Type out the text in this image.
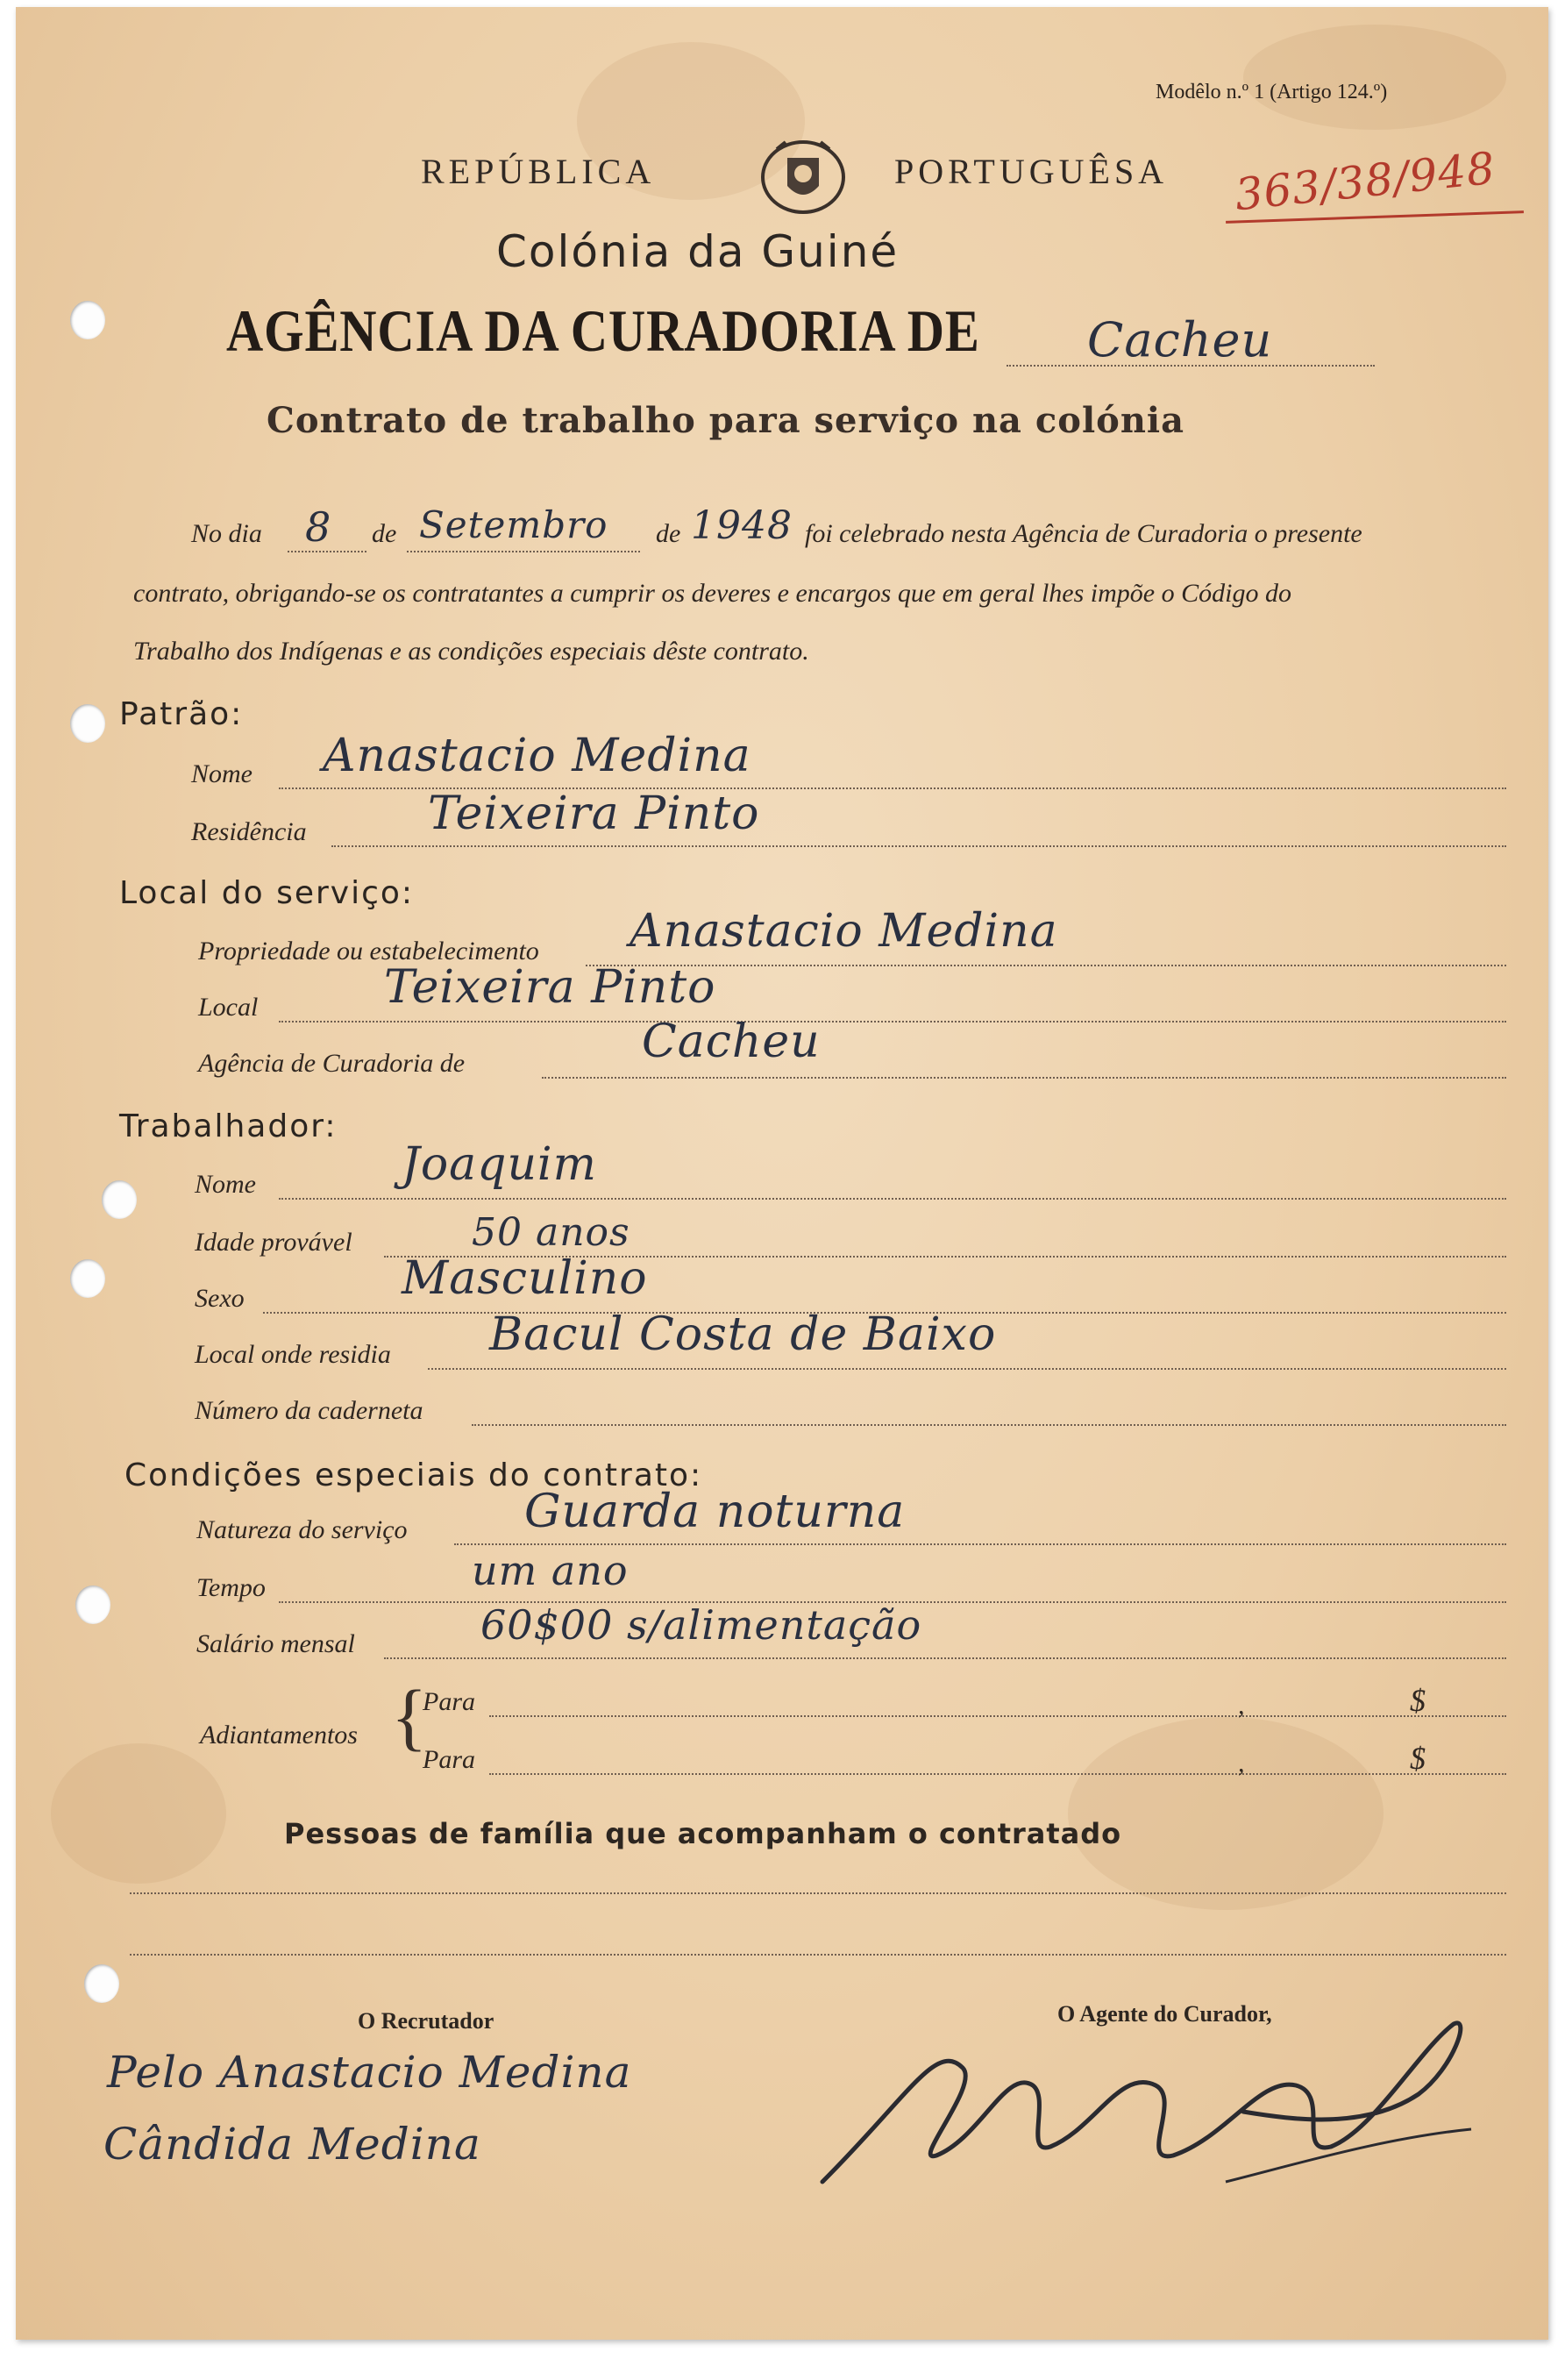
Modêlo n.º 1 (Artigo 124.º)
REPÚBLICA	PORTUGUÊSA 363/38/948
Colónia da Guiné
AGÊNCIA DA CURADORIA DE Cacheu
Contrato de trabalho para serviço na colónia
No dia 8 de Setembro de 1948 foi celebrado nesta Agência de Curadoria o presente
contrato, obrigando-se os contratantes a cumprir os deveres e encargos que em geral lhes impõe o Código do
Trabalho dos Indígenas e as condições especiais dêste contrato.
Patrão:
Nome Anastacio Medina
Residência	Teixeira Pinto
Local do serviço:
Propriedade ou estabelecimento Anastacio Medina
Local	Teixeira Pinto
Agência de Curadoria de	Cacheu
Trabalhador:
Nome	Joaquim
Idade provável	50 anos
Sexo	Masculino
Local onde residia Bacul Costa de Baixo
Número da caderneta
Condições especiais do contrato:
Natureza do serviço	Guarda noturna
Tempo	um ano
Salário mensal	60$00 s/alimentação
Adiantamentos {
Para	,	$
Para	,	$
Pessoas de família que acompanham o contratado
O Recrutador	O Agente do Curador,
Pelo Anastacio Medina
Cândida Medina
